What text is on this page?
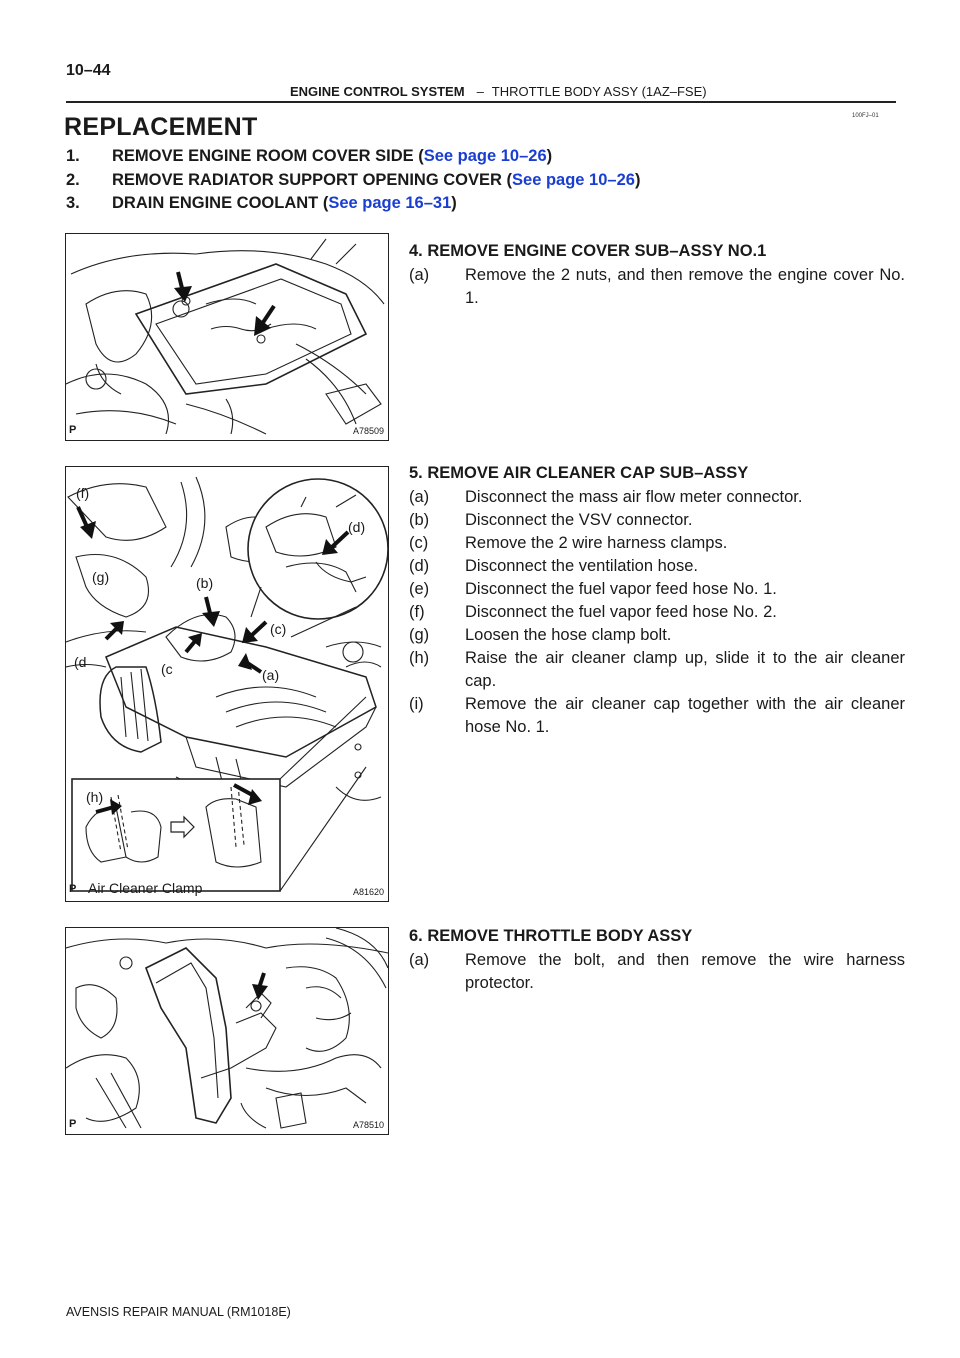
10–44
ENGINE CONTROL SYSTEM – THROTTLE BODY ASSY (1AZ–FSE)
100FJ–01
REPLACEMENT
1. REMOVE ENGINE ROOM COVER SIDE (See page 10–26)
2. REMOVE RADIATOR SUPPORT OPENING COVER (See page 10–26)
3. DRAIN ENGINE COOLANT (See page 16–31)
P	A78509
4. REMOVE ENGINE COVER SUB–ASSY NO.1
(a) Remove the 2 nuts, and then remove the engine cover No. 1.
(f)
(g)	(b)
(d)
(c)
(d	(c	(a)
(h)
Air Cleaner Clamp
P	A81620
5. REMOVE AIR CLEANER CAP SUB–ASSY
(a) Disconnect the mass air flow meter connector.
(b) Disconnect the VSV connector.
(c) Remove the 2 wire harness clamps.
(d) Disconnect the ventilation hose.
(e) Disconnect the fuel vapor feed hose No. 1.
(f) Disconnect the fuel vapor feed hose No. 2.
(g) Loosen the hose clamp bolt.
(h) Raise the air cleaner clamp up, slide it to the air cleaner cap.
(i)	Remove the air cleaner cap together with the air cleaner hose No. 1.
P	A78510
6. REMOVE THROTTLE BODY ASSY
(a) Remove the bolt, and then remove the wire harness protector.
AVENSIS REPAIR MANUAL (RM1018E)
